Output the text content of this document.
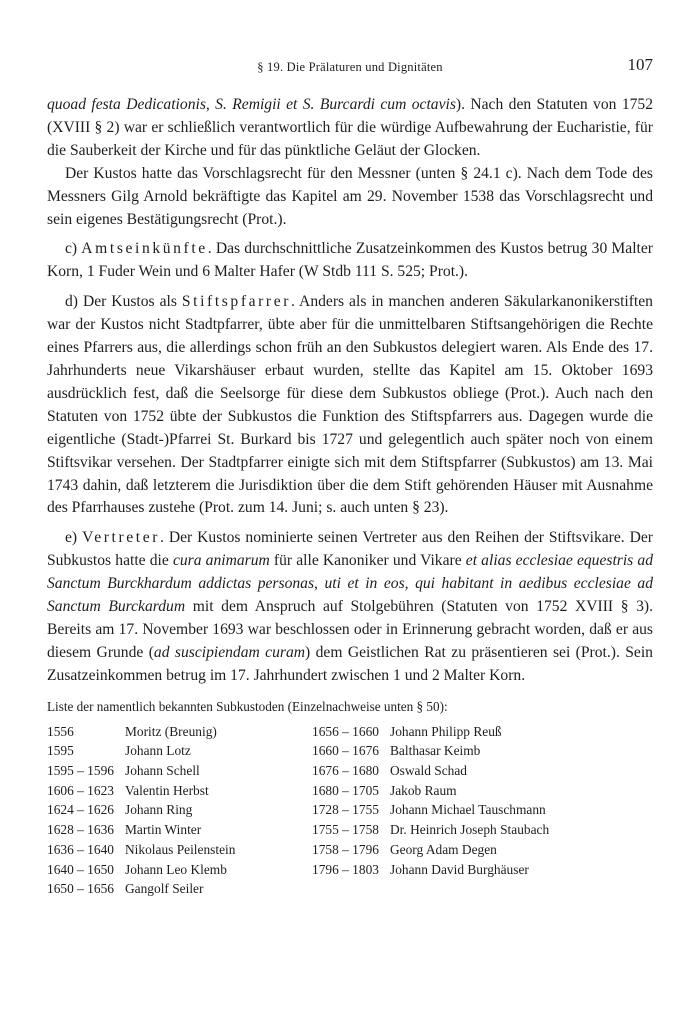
§ 19. Die Prälaturen und Dignitäten	107

quoad festa Dedicationis, S. Remigii et S. Burcardi cum octavis). Nach den Statuten von 1752 (XVIII § 2) war er schließlich verantwortlich für die würdige Aufbewahrung der Eucharistie, für die Sauberkeit der Kirche und für das pünktliche Geläut der Glocken.

Der Kustos hatte das Vorschlagsrecht für den Messner (unten § 24.1 c). Nach dem Tode des Messners Gilg Arnold bekräftigte das Kapitel am 29. November 1538 das Vorschlagsrecht und sein eigenes Bestätigungsrecht (Prot.).

c) Amtseinkünfte. Das durchschnittliche Zusatzeinkommen des Kustos betrug 30 Malter Korn, 1 Fuder Wein und 6 Malter Hafer (W Stdb 111 S. 525; Prot.).

d) Der Kustos als Stiftspfarrer. Anders als in manchen anderen Säkularkanonikerstiften war der Kustos nicht Stadtpfarrer, übte aber für die unmittelbaren Stiftsangehörigen die Rechte eines Pfarrers aus, die allerdings schon früh an den Subkustos delegiert waren. Als Ende des 17. Jahrhunderts neue Vikarshäuser erbaut wurden, stellte das Kapitel am 15. Oktober 1693 ausdrücklich fest, daß die Seelsorge für diese dem Subkustos obliege (Prot.). Auch nach den Statuten von 1752 übte der Subkustos die Funktion des Stiftspfarrers aus. Dagegen wurde die eigentliche (Stadt-)Pfarrei St. Burkard bis 1727 und gelegentlich auch später noch von einem Stiftsvikar versehen. Der Stadtpfarrer einigte sich mit dem Stiftspfarrer (Subkustos) am 13. Mai 1743 dahin, daß letzterem die Jurisdiktion über die dem Stift gehörenden Häuser mit Ausnahme des Pfarrhauses zustehe (Prot. zum 14. Juni; s. auch unten § 23).

e) Vertreter. Der Kustos nominierte seinen Vertreter aus den Reihen der Stiftsvikare. Der Subkustos hatte die cura animarum für alle Kanoniker und Vikare et alias ecclesiae equestris ad Sanctum Burckhardum addictas personas, uti et in eos, qui habitant in aedibus ecclesiae ad Sanctum Burckardum mit dem Anspruch auf Stolgebühren (Statuten von 1752 XVIII § 3). Bereits am 17. November 1693 war beschlossen oder in Erinnerung gebracht worden, daß er aus diesem Grunde (ad suscipiendam curam) dem Geistlichen Rat zu präsentieren sei (Prot.). Sein Zusatzeinkommen betrug im 17. Jahrhundert zwischen 1 und 2 Malter Korn.

Liste der namentlich bekannten Subkustoden (Einzelnachweise unten § 50):
1556	Moritz (Breunig)
1595	Johann Lotz
1595 – 1596 Johann Schell
1606 – 1623 Valentin Herbst
1624 – 1626 Johann Ring
1628 – 1636 Martin Winter
1636 – 1640 Nikolaus Peilenstein
1640 – 1650 Johann Leo Klemb
1650 – 1656 Gangolf Seiler
1656 – 1660 Johann Philipp Reuß
1660 – 1676 Balthasar Keimb
1676 – 1680 Oswald Schad
1680 – 1705 Jakob Raum
1728 – 1755 Johann Michael Tauschmann
1755 – 1758 Dr. Heinrich Joseph Staubach
1758 – 1796 Georg Adam Degen
1796 – 1803 Johann David Burghäuser
